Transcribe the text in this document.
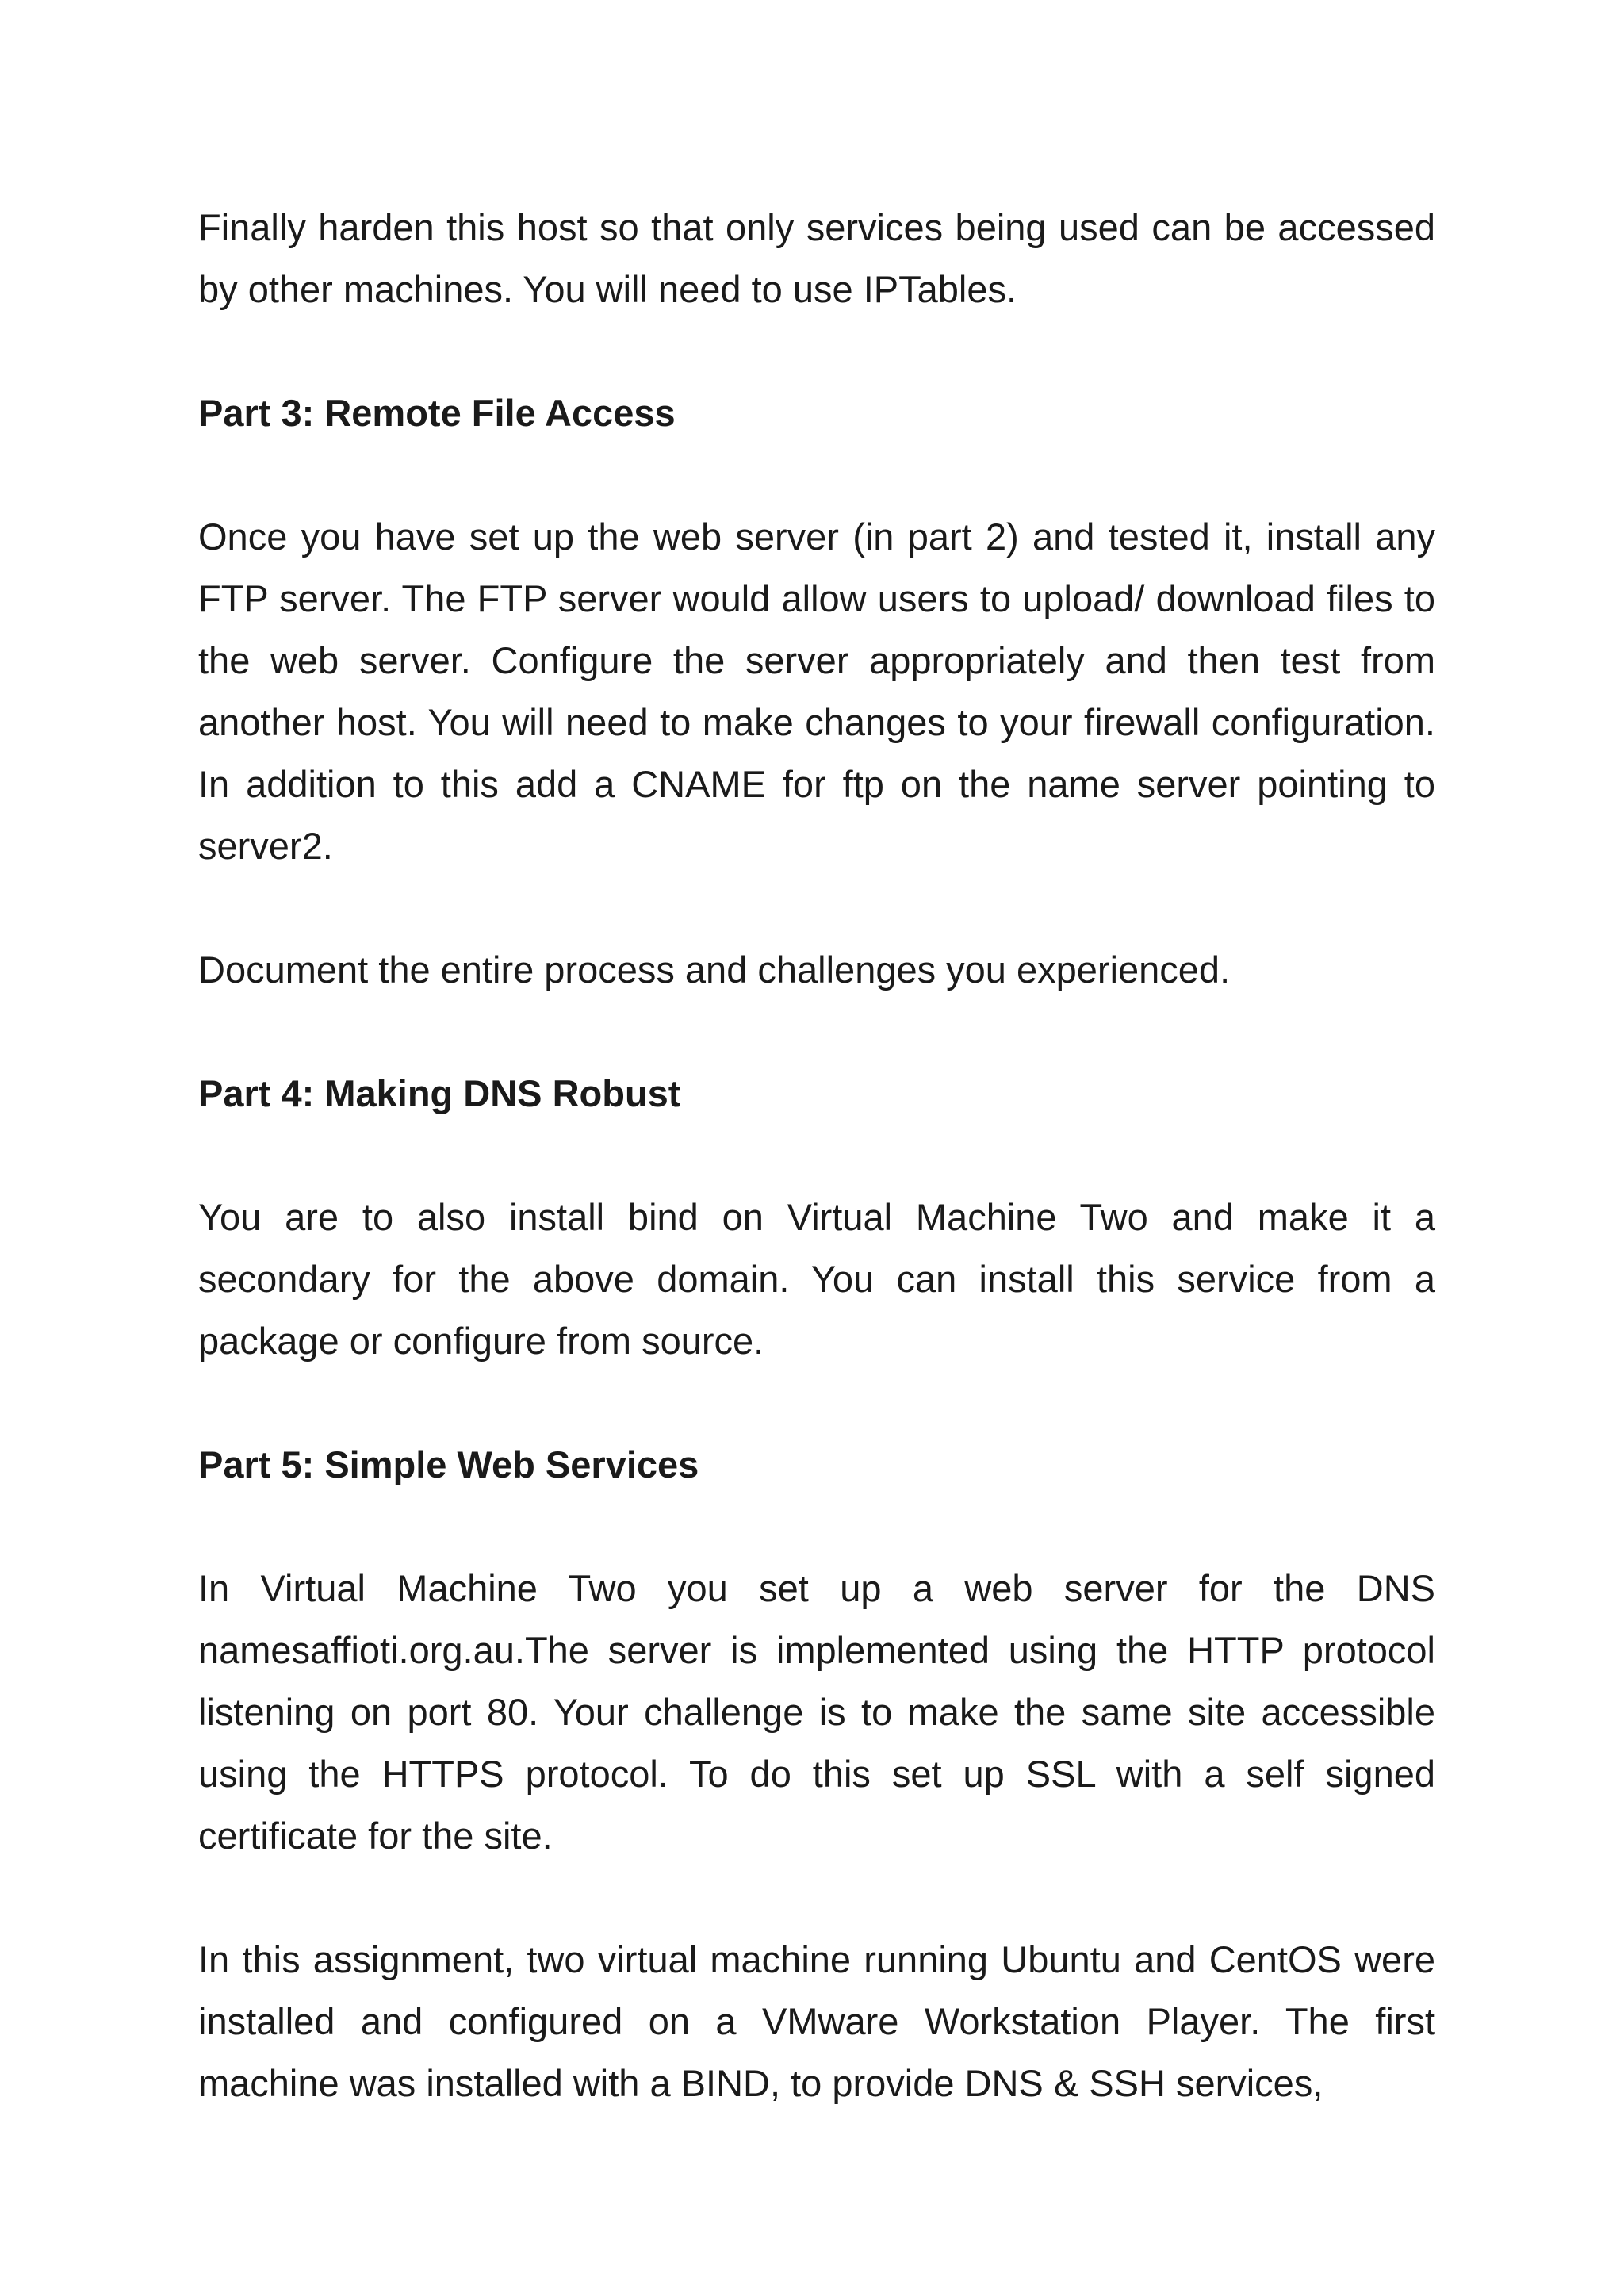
Finally harden this host so that only services being used can be accessed by other machines. You will need to use IPTables.

Part 3: Remote File Access

Once you have set up the web server (in part 2) and tested it, install any FTP server. The FTP server would allow users to upload/ download files to the web server. Configure the server appropriately and then test from another host. You will need to make changes to your firewall configuration. In addition to this add a CNAME for ftp on the name server pointing to server2.

Document the entire process and challenges you experienced.

Part 4: Making DNS Robust

You are to also install bind on Virtual Machine Two and make it a secondary for the above domain. You can install this service from a package or configure from source.

Part 5: Simple Web Services

In Virtual Machine Two you set up a web server for the DNS namesaffioti.org.au.The server is implemented using the HTTP protocol listening on port 80. Your challenge is to make the same site accessible using the HTTPS protocol. To do this set up SSL with a self signed certificate for the site.

In this assignment, two virtual machine running Ubuntu and CentOS were installed and configured on a VMware Workstation Player. The first machine was installed with a BIND, to provide DNS & SSH services,
